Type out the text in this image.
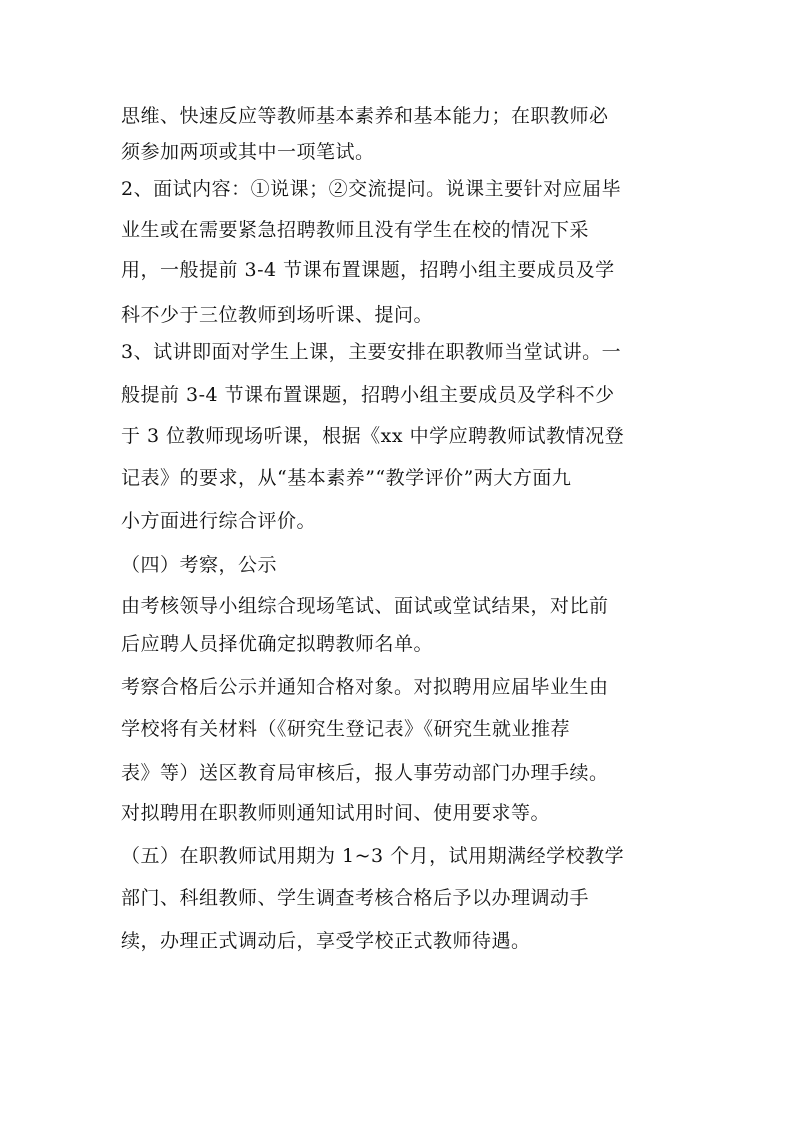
思维、快速反应等教师基本素养和基本能力；在职教师必
须参加两项或其中一项笔试。
2、面试内容：①说课；②交流提问。说课主要针对应届毕
业生或在需要紧急招聘教师且没有学生在校的情况下采
用，一般提前 3-4 节课布置课题，招聘小组主要成员及学
科不少于三位教师到场听课、提问。
3、试讲即面对学生上课，主要安排在职教师当堂试讲。一
般提前 3-4 节课布置课题，招聘小组主要成员及学科不少
于 3 位教师现场听课，根据《xx 中学应聘教师试教情况登
记表》的要求，从“基本素养”“教学评价”两大方面九
小方面进行综合评价。
（四）考察，公示
由考核领导小组综合现场笔试、面试或堂试结果，对比前
后应聘人员择优确定拟聘教师名单。
考察合格后公示并通知合格对象。对拟聘用应届毕业生由
学校将有关材料（《研究生登记表》《研究生就业推荐
表》等）送区教育局审核后，报人事劳动部门办理手续。
对拟聘用在职教师则通知试用时间、使用要求等。
（五）在职教师试用期为 1~3 个月，试用期满经学校教学
部门、科组教师、学生调查考核合格后予以办理调动手
续，办理正式调动后，享受学校正式教师待遇。
